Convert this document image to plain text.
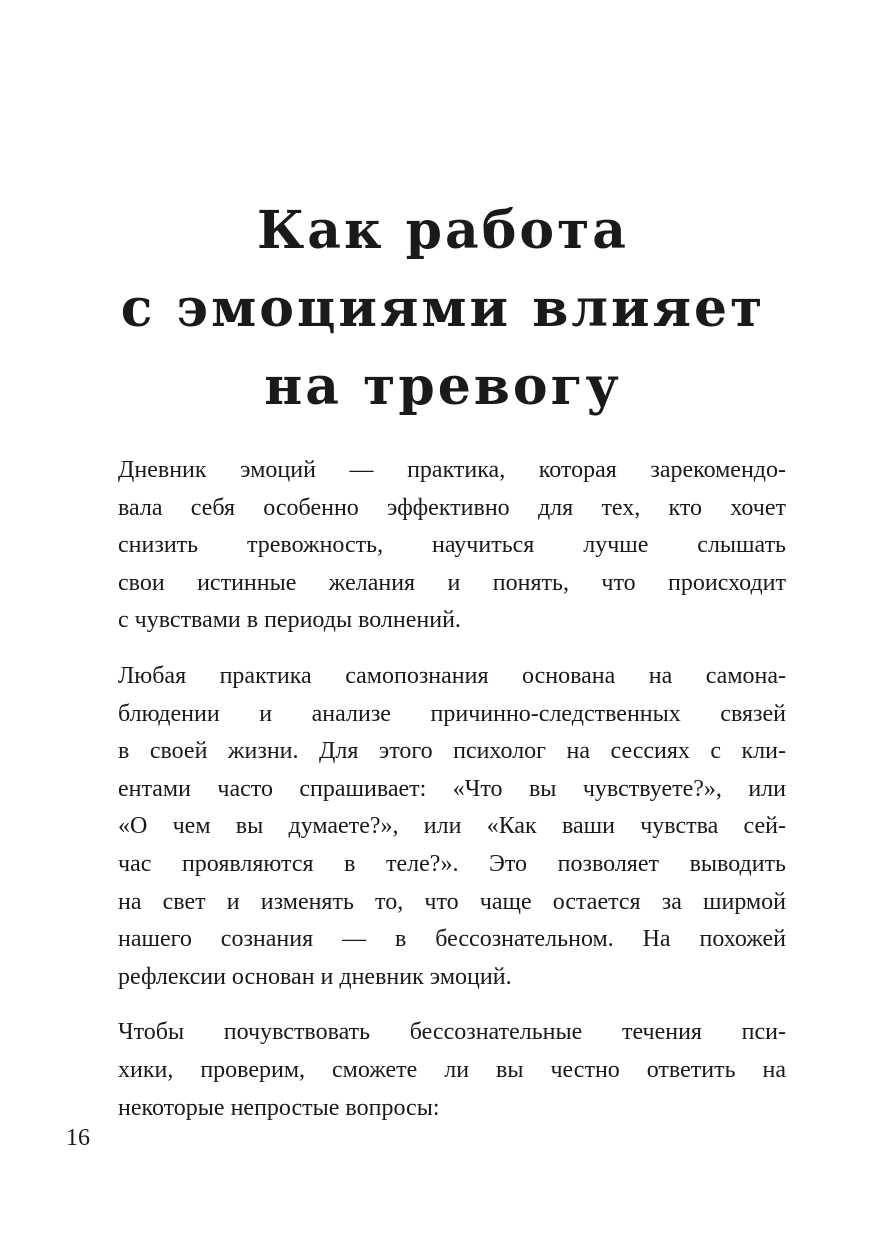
Как работа
с эмоциями влияет
на тревогу

Дневник эмоций — практика, которая зарекомендо-
вала себя особенно эффективно для тех, кто хочет
снизить тревожность, научиться лучше слышать
свои истинные желания и понять, что происходит
с чувствами в периоды волнений.

Любая практика самопознания основана на самона-
блюдении и анализе причинно-следственных связей
в своей жизни. Для этого психолог на сессиях с кли-
ентами часто спрашивает: «Что вы чувствуете?», или
«О чем вы думаете?», или «Как ваши чувства сей-
час проявляются в теле?». Это позволяет выводить
на свет и изменять то, что чаще остается за ширмой
нашего сознания — в бессознательном. На похожей
рефлексии основан и дневник эмоций.

Чтобы почувствовать бессознательные течения пси-
хики, проверим, сможете ли вы честно ответить на
некоторые непростые вопросы:

16
